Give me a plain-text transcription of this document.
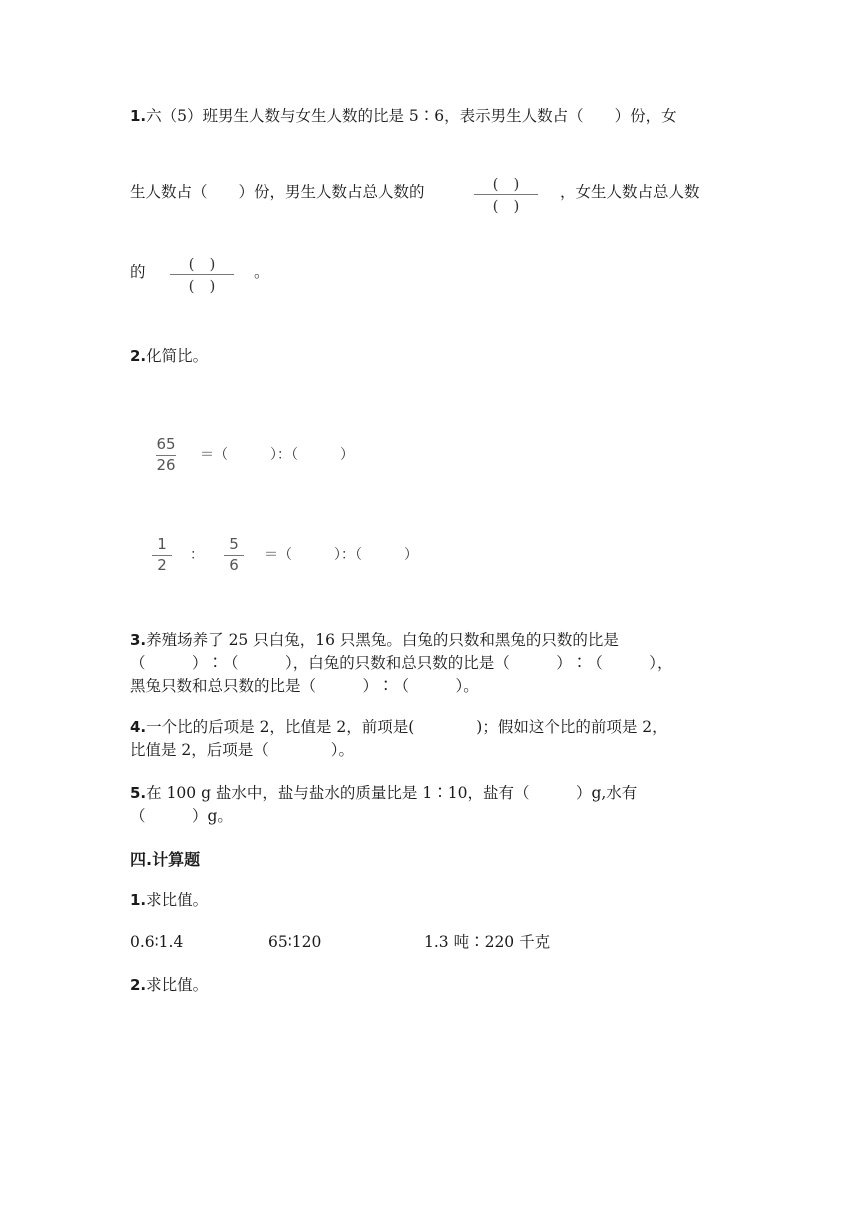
1.六（5）班男生人数与女生人数的比是 5∶6，表示男生人数占（　　）份，女
生人数占（　　）份，男生人数占总人数的	(　)
(　)
，女生人数占总人数
的	(　)
(　)
。
2.化简比。
65
26
＝（　　　）：（　　　）
1
2
：
5
6
＝（　　　）：（　　　）
3.养殖场养了 25 只白兔，16 只黑兔。白兔的只数和黑兔的只数的比是
（　　　）∶（　　　），白兔的只数和总只数的比是（　　　）∶（　　　），
黑兔只数和总只数的比是（　　　）∶（　　　）。
4.一个比的后项是 2，比值是 2，前项是(　　　　)；假如这个比的前项是 2，
比值是 2，后项是（　　　　）。
5.在 100 g 盐水中，盐与盐水的质量比是 1∶10，盐有（　　　）g,水有
（　　　）g。
四.计算题
1.求比值。
0.6∶1.4	65∶120	1.3 吨∶220 千克
2.求比值。
